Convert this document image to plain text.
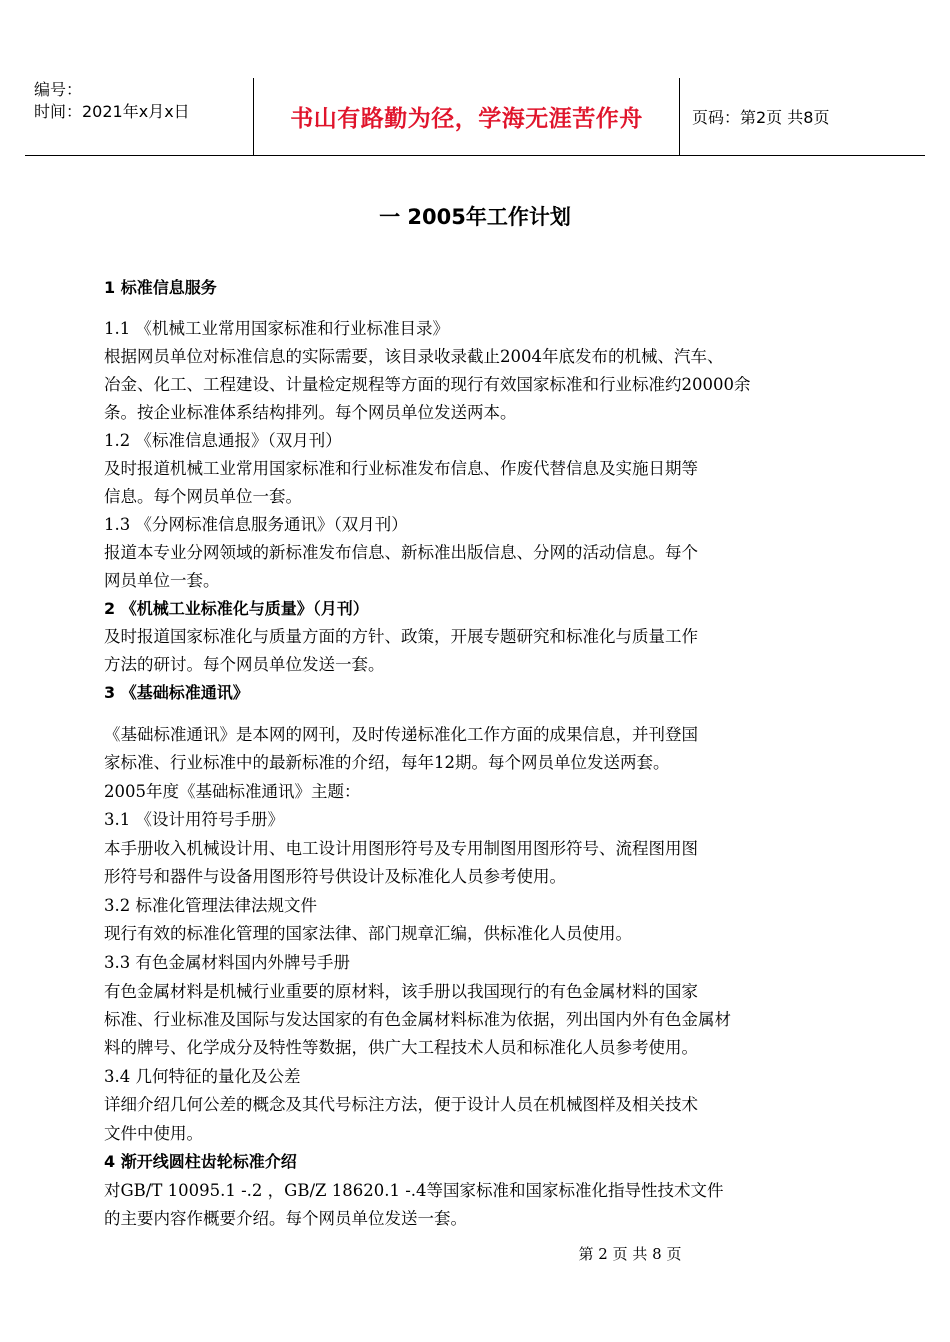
编号：
时间：2021年x月x日	书山有路勤为径，学海无涯苦作舟	页码：第2页 共8页
一 2005年工作计划
1 标准信息服务
1.1 《机械工业常用国家标准和行业标准目录》
根据网员单位对标准信息的实际需要，该目录收录截止2004年底发布的机械、汽车、
冶金、化工、工程建设、计量检定规程等方面的现行有效国家标准和行业标准约20000余
条。按企业标准体系结构排列。每个网员单位发送两本。
1.2 《标准信息通报》（双月刊）
及时报道机械工业常用国家标准和行业标准发布信息、作废代替信息及实施日期等
信息。每个网员单位一套。
1.3 《分网标准信息服务通讯》（双月刊）
报道本专业分网领域的新标准发布信息、新标准出版信息、分网的活动信息。每个
网员单位一套。
2 《机械工业标准化与质量》（月刊）
及时报道国家标准化与质量方面的方针、政策，开展专题研究和标准化与质量工作
方法的研讨。每个网员单位发送一套。
3 《基础标准通讯》
《基础标准通讯》是本网的网刊，及时传递标准化工作方面的成果信息，并刊登国
家标准、行业标准中的最新标准的介绍，每年12期。每个网员单位发送两套。
2005年度《基础标准通讯》主题：
3.1 《设计用符号手册》
本手册收入机械设计用、电工设计用图形符号及专用制图用图形符号、流程图用图
形符号和器件与设备用图形符号供设计及标准化人员参考使用。
3.2 标准化管理法律法规文件
现行有效的标准化管理的国家法律、部门规章汇编，供标准化人员使用。
3.3 有色金属材料国内外牌号手册
有色金属材料是机械行业重要的原材料，该手册以我国现行的有色金属材料的国家
标准、行业标准及国际与发达国家的有色金属材料标准为依据，列出国内外有色金属材
料的牌号、化学成分及特性等数据，供广大工程技术人员和标准化人员参考使用。
3.4 几何特征的量化及公差
详细介绍几何公差的概念及其代号标注方法，便于设计人员在机械图样及相关技术
文件中使用。
4 渐开线圆柱齿轮标准介绍
对GB/T 10095.1 -.2 ，GB/Z 18620.1 -.4等国家标准和国家标准化指导性技术文件
的主要内容作概要介绍。每个网员单位发送一套。
第 2 页 共 8 页
